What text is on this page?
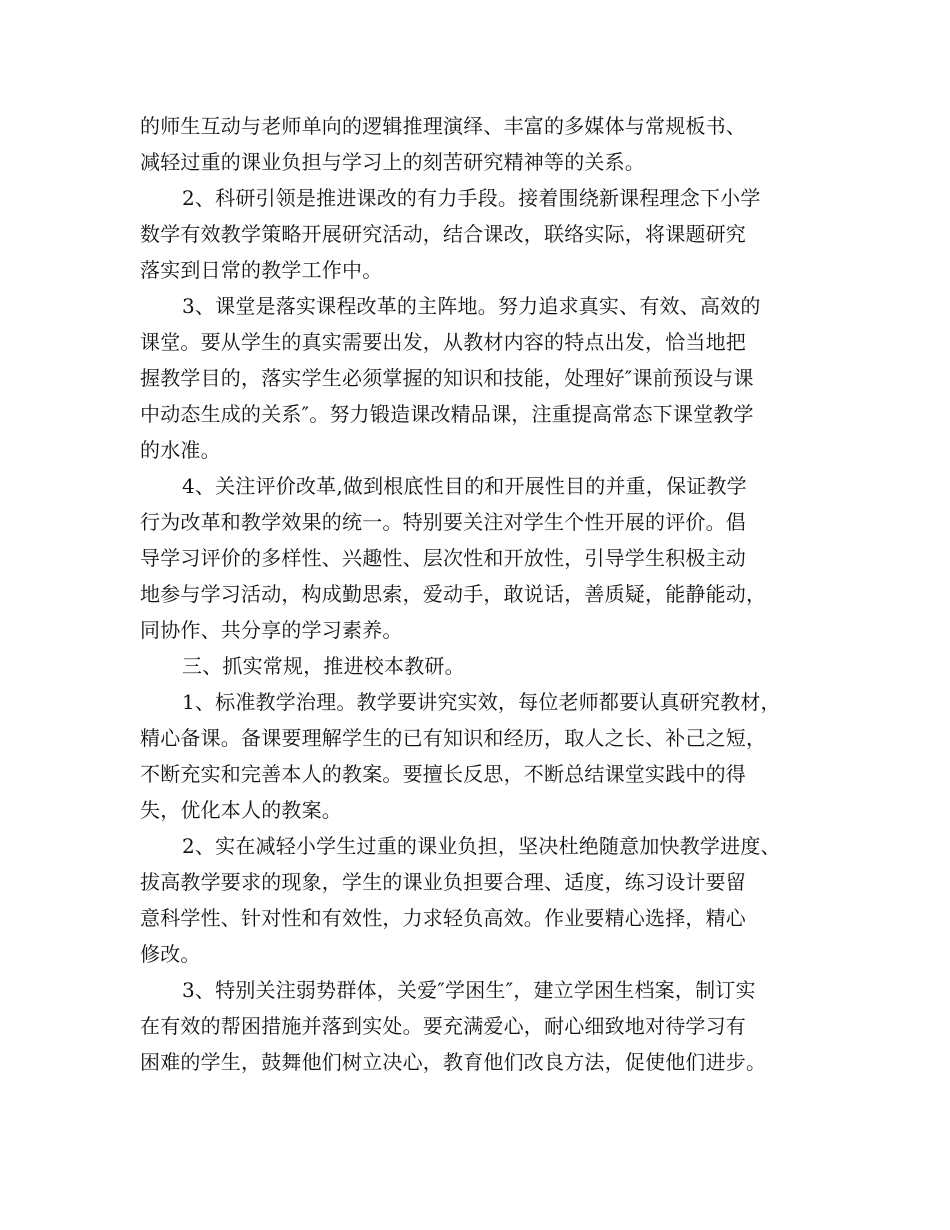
的师生互动与老师单向的逻辑推理演绎、丰富的多媒体与常规板书、
减轻过重的课业负担与学习上的刻苦研究精神等的关系。
2、科研引领是推进课改的有力手段。接着围绕新课程理念下小学
数学有效教学策略开展研究活动，结合课改，联络实际，将课题研究
落实到日常的教学工作中。
3、课堂是落实课程改革的主阵地。努力追求真实、有效、高效的
课堂。要从学生的真实需要出发，从教材内容的特点出发，恰当地把
握教学目的，落实学生必须掌握的知识和技能，处理好″课前预设与课
中动态生成的关系″。努力锻造课改精品课，注重提高常态下课堂教学
的水准。
4、关注评价改革,做到根底性目的和开展性目的并重，保证教学
行为改革和教学效果的统一。特别要关注对学生个性开展的评价。倡
导学习评价的多样性、兴趣性、层次性和开放性，引导学生积极主动
地参与学习活动，构成勤思索，爱动手，敢说话，善质疑，能静能动，
同协作、共分享的学习素养。
三、抓实常规，推进校本教研。
1、标准教学治理。教学要讲究实效，每位老师都要认真研究教材，
精心备课。备课要理解学生的已有知识和经历，取人之长、补己之短，
不断充实和完善本人的教案。要擅长反思，不断总结课堂实践中的得
失，优化本人的教案。
2、实在减轻小学生过重的课业负担，坚决杜绝随意加快教学进度、
拔高教学要求的现象，学生的课业负担要合理、适度，练习设计要留
意科学性、针对性和有效性，力求轻负高效。作业要精心选择，精心
修改。
3、特别关注弱势群体，关爱″学困生″，建立学困生档案，制订实
在有效的帮困措施并落到实处。要充满爱心，耐心细致地对待学习有
困难的学生，鼓舞他们树立决心，教育他们改良方法，促使他们进步。
